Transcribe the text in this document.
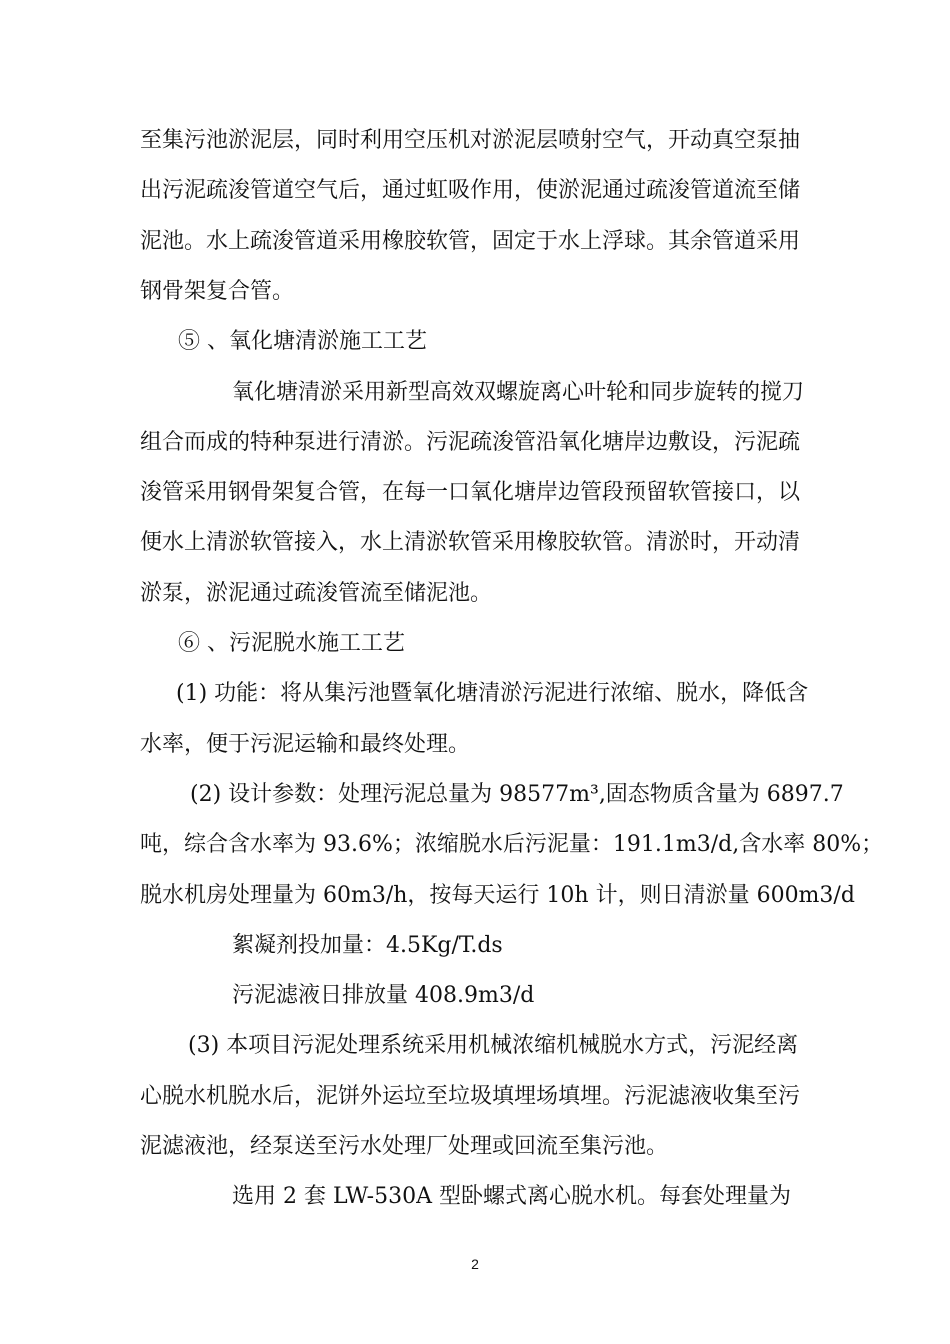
至集污池淤泥层，同时利用空压机对淤泥层喷射空气，开动真空泵抽
出污泥疏浚管道空气后，通过虹吸作用，使淤泥通过疏浚管道流至储
泥池。水上疏浚管道采用橡胶软管，固定于水上浮球。其余管道采用
钢骨架复合管。
⑤ 、氧化塘清淤施工工艺
氧化塘清淤采用新型高效双螺旋离心叶轮和同步旋转的搅刀
组合而成的特种泵进行清淤。污泥疏浚管沿氧化塘岸边敷设，污泥疏
浚管采用钢骨架复合管，在每一口氧化塘岸边管段预留软管接口，以
便水上清淤软管接入，水上清淤软管采用橡胶软管。清淤时，开动清
淤泵，淤泥通过疏浚管流至储泥池。
⑥ 、污泥脱水施工工艺
(1) 功能：将从集污池暨氧化塘清淤污泥进行浓缩、脱水，降低含
水率，便于污泥运输和最终处理。
(2) 设计参数：处理污泥总量为 98577m³,固态物质含量为 6897.7
吨，综合含水率为 93.6%；浓缩脱水后污泥量：191.1m3/d,含水率 80%；
脱水机房处理量为 60m3/h，按每天运行 10h 计，则日清淤量 600m3/d
絮凝剂投加量：4.5Kg/T.ds
污泥滤液日排放量 408.9m3/d
(3) 本项目污泥处理系统采用机械浓缩机械脱水方式，污泥经离
心脱水机脱水后，泥饼外运垃至垃圾填埋场填埋。污泥滤液收集至污
泥滤液池，经泵送至污水处理厂处理或回流至集污池。
选用 2 套 LW-530A 型卧螺式离心脱水机。每套处理量为
2
